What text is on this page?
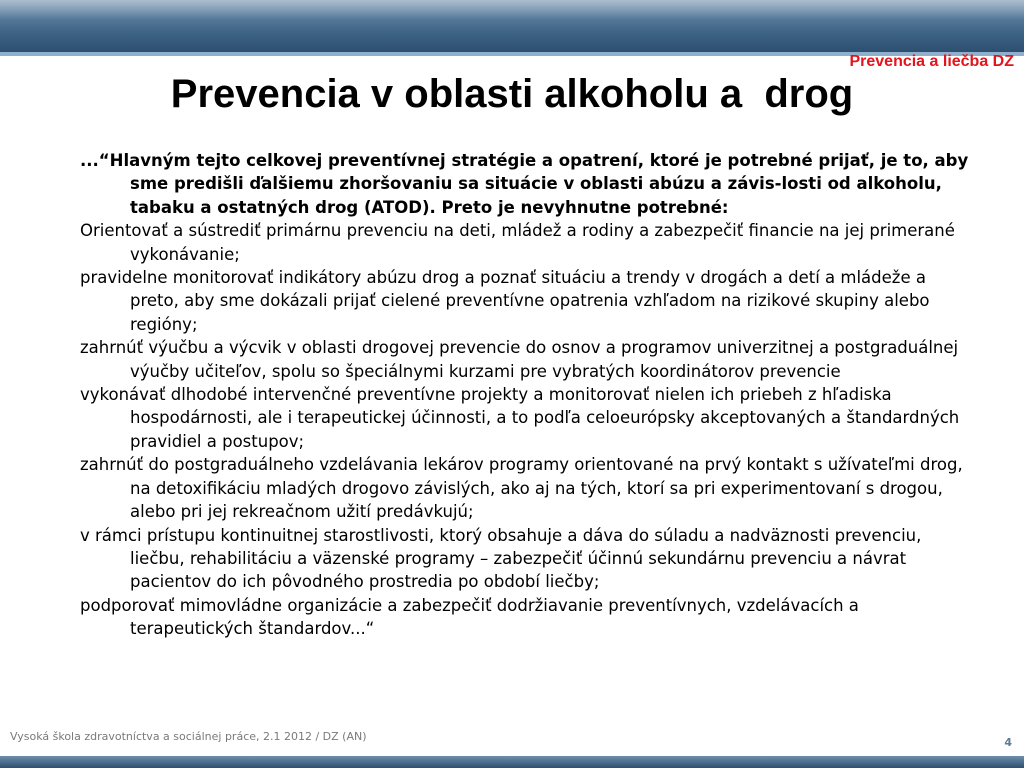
Prevencia a liečba DZ
Prevencia v oblasti alkoholu a  drog

...“Hlavným tejto celkovej preventívnej stratégie a opatrení, ktoré je potrebné prijať, je to, aby sme predišli ďalšiemu zhoršovaniu sa situácie v oblasti abúzu a závis-losti od alkoholu, tabaku a ostatných drog (ATOD). Preto je nevyhnutne potrebné:

Orientovať a sústrediť primárnu prevenciu na deti, mládež a rodiny a zabezpečiť financie na jej primerané vykonávanie;

pravidelne monitorovať indikátory abúzu drog a poznať situáciu a trendy v drogách a detí a mládeže a preto, aby sme dokázali prijať cielené preventívne opatrenia vzhľadom na rizikové skupiny alebo regióny;

zahrnúť výučbu a výcvik v oblasti drogovej prevencie do osnov a programov univerzitnej a postgraduálnej výučby učiteľov, spolu so špeciálnymi kurzami pre vybratých koordinátorov prevencie

vykonávať dlhodobé intervenčné preventívne projekty a monitorovať nielen ich priebeh z hľadiska hospodárnosti, ale i terapeutickej účinnosti, a to podľa celoeurópsky akceptovaných a štandardných pravidiel a postupov;

zahrnúť do postgraduálneho vzdelávania lekárov programy orientované na prvý kontakt s užívateľmi drog, na detoxifikáciu mladých drogovo závislých, ako aj na tých, ktorí sa pri experimentovaní s drogou, alebo pri jej rekreačnom užití predávkujú;

v rámci prístupu kontinuitnej starostlivosti, ktorý obsahuje a dáva do súladu a nadväznosti prevenciu, liečbu, rehabilitáciu a väzenské programy – zabezpečiť účinnú sekundárnu prevenciu a návrat pacientov do ich pôvodného prostredia po období liečby;

podporovať mimovládne organizácie a zabezpečiť dodržiavanie preventívnych, vzdelávacích a terapeutických štandardov...“

Vysoká škola zdravotníctva a sociálnej práce, 2.1 2012 / DZ (AN)	4
